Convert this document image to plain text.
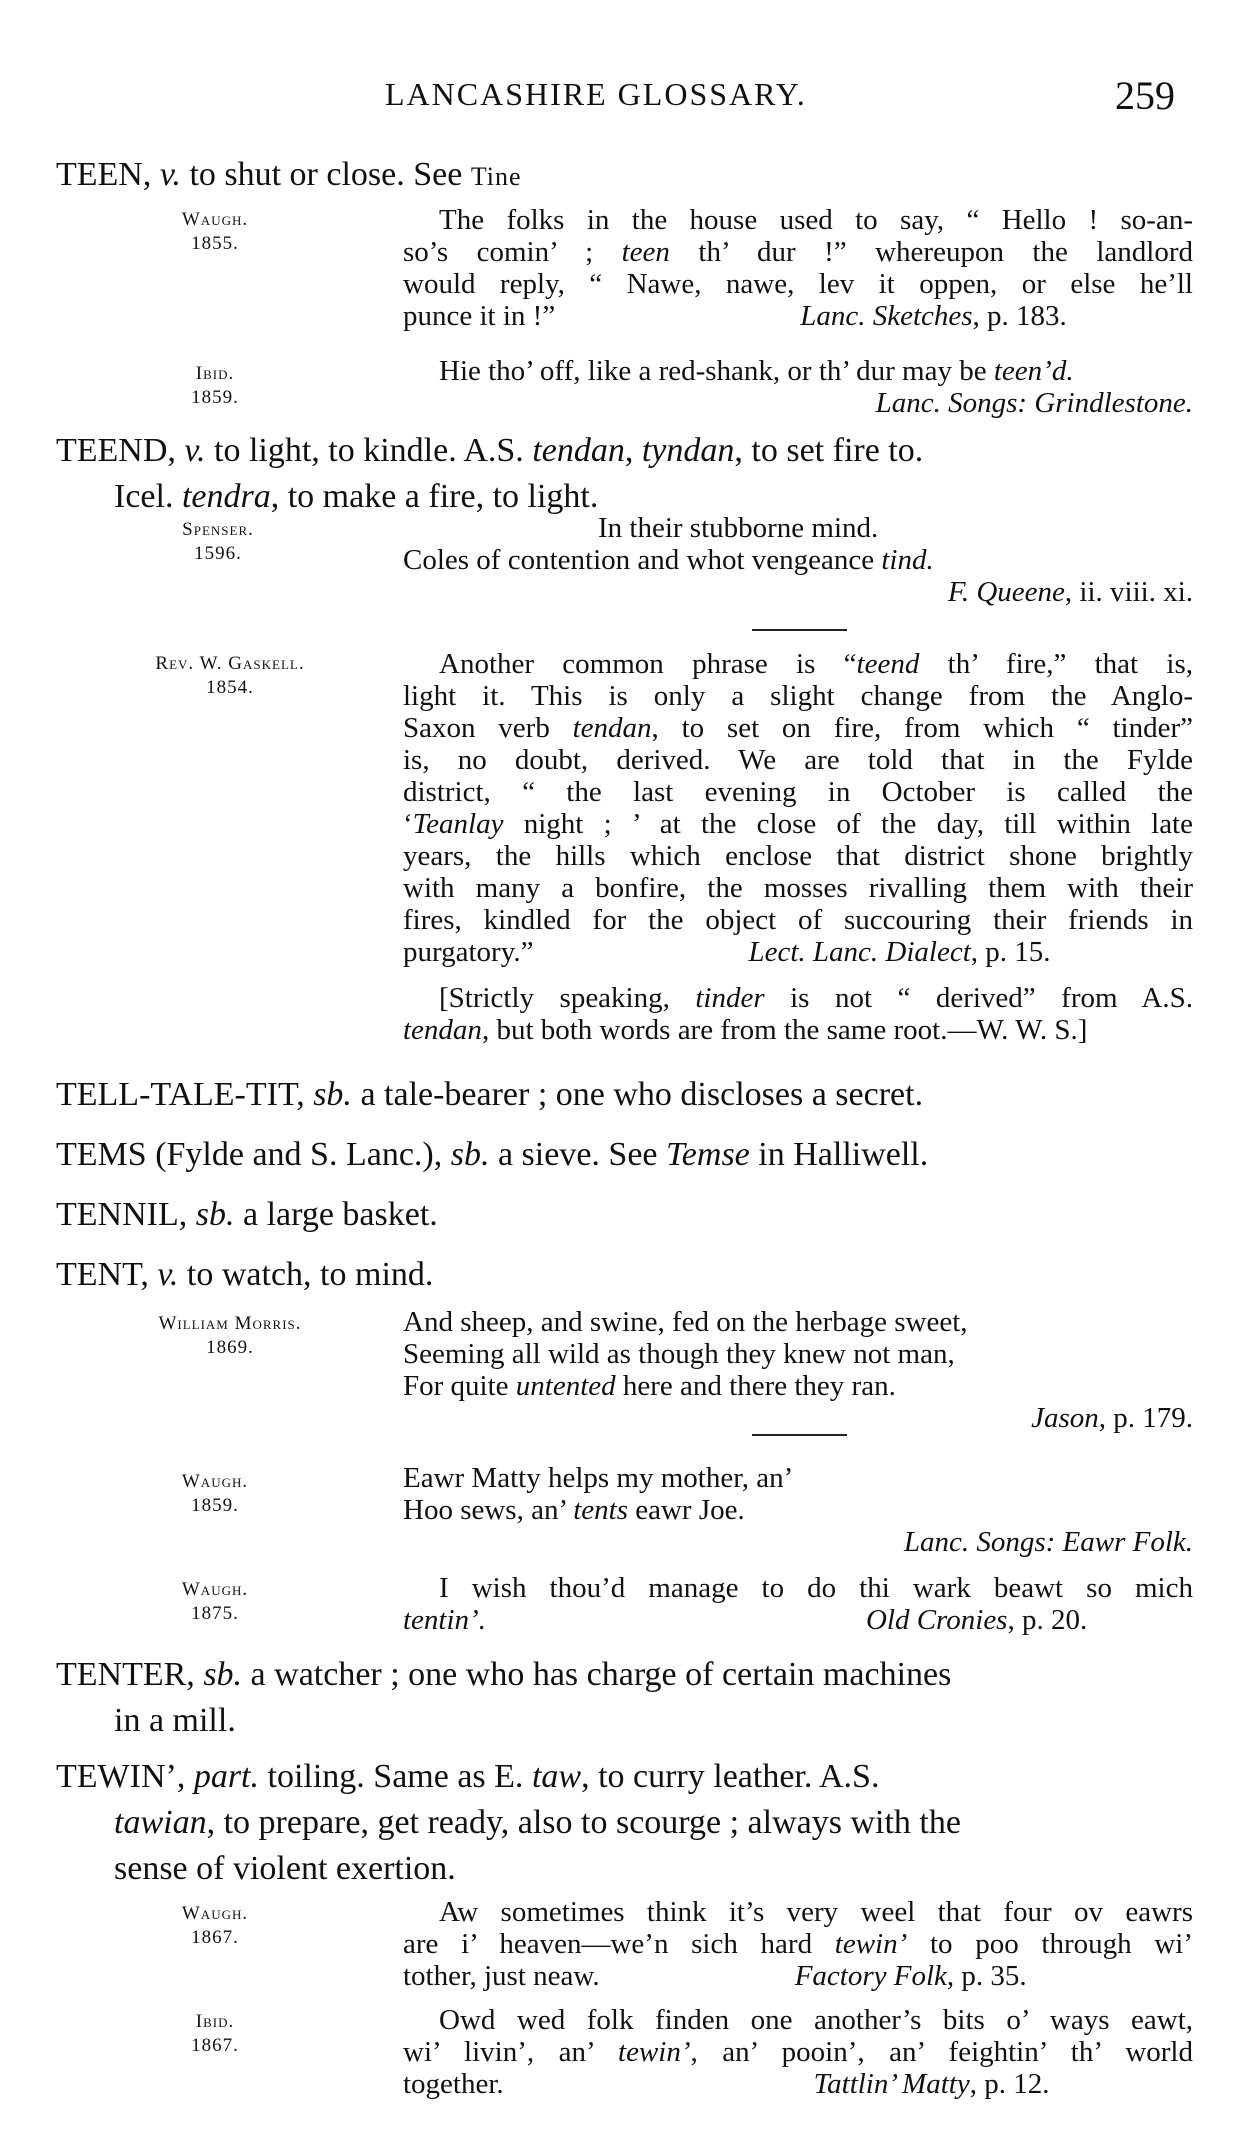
LANCASHIRE GLOSSARY.	259
TEEN, v. to shut or close. See Tine
Waugh.
1855.
The folks in the house used to say, “ Hello ! so-an-
so’s comin’ ; teen th’ dur !” whereupon the landlord
would reply, “ Nawe, nawe, lev it oppen, or else he’ll
punce it in !”	Lanc. Sketches, p. 183.
Ibid.
1859.
Hie tho’ off, like a red-shank, or th’ dur may be teen’d.
Lanc. Songs: Grindlestone.
TEEND, v. to light, to kindle. A.S. tendan, tyndan, to set fire to.
Icel. tendra, to make a fire, to light.
Spenser.
1596.
In their stubborne mind.
Coles of contention and whot vengeance tind.
F. Queene, ii. viii. xi.
Rev. W. Gaskell.
1854.
Another common phrase is “teend th’ fire,” that is,
light it. This is only a slight change from the Anglo-
Saxon verb tendan, to set on fire, from which “ tinder”
is, no doubt, derived. We are told that in the Fylde
district, “ the last evening in October is called the
‘Teanlay night ; ’ at the close of the day, till within late
years, the hills which enclose that district shone brightly
with many a bonfire, the mosses rivalling them with their
fires, kindled for the object of succouring their friends in
purgatory.”	Lect. Lanc. Dialect, p. 15.
[Strictly speaking, tinder is not “ derived” from A.S.
tendan, but both words are from the same root.—W. W. S.]
TELL-TALE-TIT, sb. a tale-bearer ; one who discloses a secret.
TEMS (Fylde and S. Lanc.), sb. a sieve. See Temse in Halliwell.
TENNIL, sb. a large basket.
TENT, v. to watch, to mind.
William Morris.
1869.
And sheep, and swine, fed on the herbage sweet,
Seeming all wild as though they knew not man,
For quite untented here and there they ran.
Jason, p. 179.
Waugh.
1859.
Eawr Matty helps my mother, an’
Hoo sews, an’ tents eawr Joe.
Lanc. Songs: Eawr Folk.
Waugh.
1875.
I wish thou’d manage to do thi wark beawt so mich
tentin’.	Old Cronies, p. 20.
TENTER, sb. a watcher ; one who has charge of certain machines
in a mill.
TEWIN’, part. toiling. Same as E. taw, to curry leather. A.S.
tawian, to prepare, get ready, also to scourge ; always with the
sense of violent exertion.
Waugh.
1867.
Aw sometimes think it’s very weel that four ov eawrs
are i’ heaven—we’n sich hard tewin’ to poo through wi’
tother, just neaw.	Factory Folk, p. 35.
Ibid.
1867.
Owd wed folk finden one another’s bits o’ ways eawt,
wi’ livin’, an’ tewin’, an’ pooin’, an’ feightin’ th’ world
together.	Tattlin’ Matty, p. 12.
